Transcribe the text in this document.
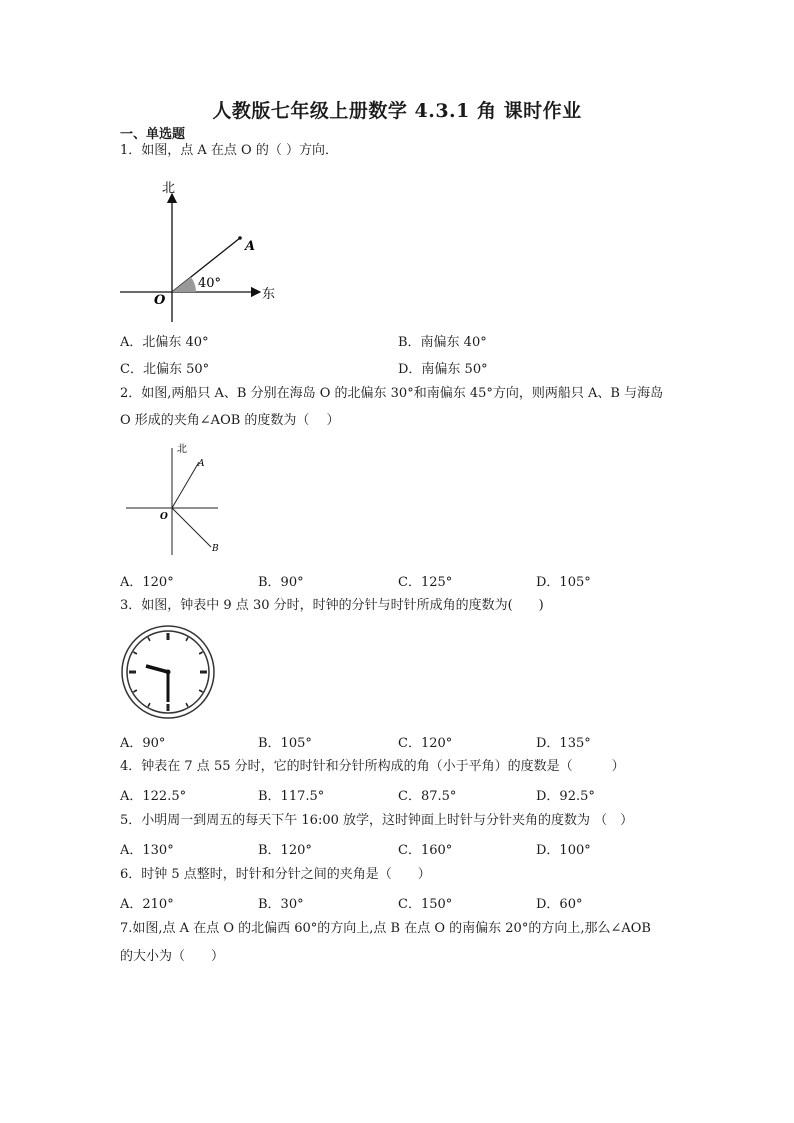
人教版七年级上册数学 4.3.1 角 课时作业
一、单选题
1．如图，点 A 在点 O 的（ ）方向．
北
东
A
O
40°
A．北偏东 40°	B．南偏东 40°
C．北偏东 50°	D．南偏东 50°
2．如图,两船只 A、B 分别在海岛 O 的北偏东 30°和南偏东 45°方向，则两船只 A、B 与海岛
O 形成的夹角∠AOB 的度数为（　 ）
北
A
B
O
A．120°	B．90°	C．125°	D．105°
3．如图，钟表中 9 点 30 分时，时钟的分针与时针所成角的度数为(　　)
A．90°	B．105°	C．120°	D．135°
4．钟表在 7 点 55 分时，它的时针和分针所构成的角（小于平角）的度数是（　　　）
A．122.5°	B．117.5°	C．87.5°	D．92.5°
5．小明周一到周五的每天下午 16:00 放学，这时钟面上时针与分针夹角的度数为 （　）
A．130°	B．120°	C．160°	D．100°
6．时钟 5 点整时，时针和分针之间的夹角是（　　）
A．210°	B．30°	C．150°	D．60°
7.如图,点 A 在点 O 的北偏西 60°的方向上,点 B 在点 O 的南偏东 20°的方向上,那么∠AOB
的大小为（　　）
